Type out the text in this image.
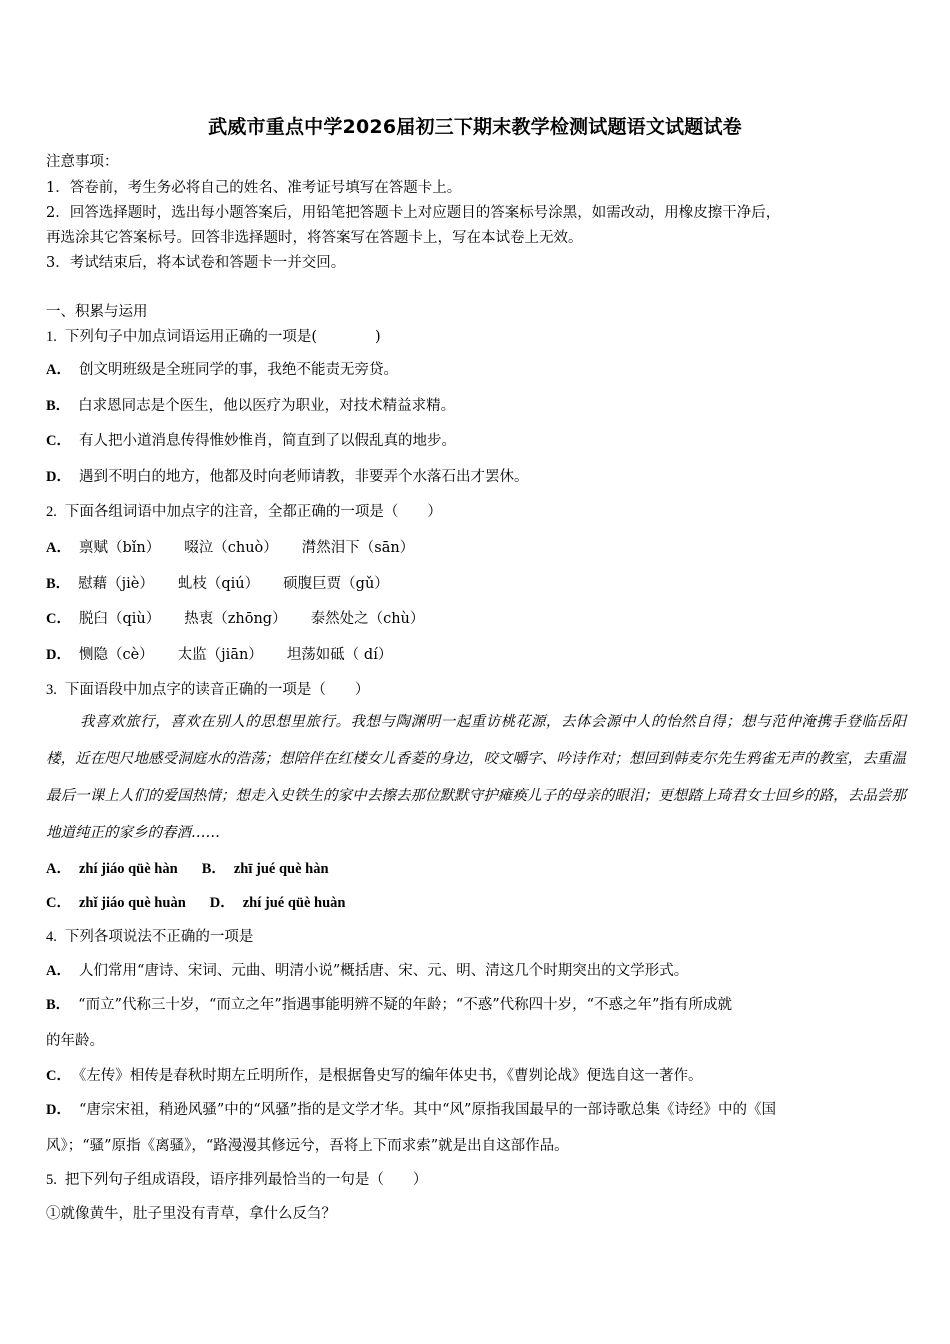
武威市重点中学2026届初三下期末教学检测试题语文试题试卷
注意事项：
1．答卷前，考生务必将自己的姓名、准考证号填写在答题卡上。
2．回答选择题时，选出每小题答案后，用铅笔把答题卡上对应题目的答案标号涂黑，如需改动，用橡皮擦干净后，
再选涂其它答案标号。回答非选择题时，将答案写在答题卡上，写在本试卷上无效。
3．考试结束后，将本试卷和答题卡一并交回。
一、积累与运用
1. 下列句子中加点词语运用正确的一项是(　　　　)
A． 创文明班级是全班同学的事，我绝不能责无旁贷。
B． 白求恩同志是个医生，他以医疗为职业，对技术精益求精。
C． 有人把小道消息传得惟妙惟肖，简直到了以假乱真的地步。
D． 遇到不明白的地方，他都及时向老师请教，非要弄个水落石出才罢休。
2. 下面各组词语中加点字的注音，全都正确的一项是（　　）
A． 禀赋（bǐn） 啜泣（chuò） 潸然泪下（sān）
B． 慰藉（jiè） 虬枝（qiú） 硕腹巨贾（gǔ）
C． 脱臼（qiù） 热衷（zhōng） 泰然处之（chù）
D． 恻隐（cè） 太监（jiān） 坦荡如砥（ dí）
3. 下面语段中加点字的读音正确的一项是（　　）
我喜欢旅行，喜欢在别人的思想里旅行。我想与陶渊明一起重访桃花源，去体会源中人的怡然自得；想与范仲淹携手登临岳阳楼，近在咫尺地感受洞庭水的浩荡；想陪伴在红楼女儿香菱的身边，咬文嚼字、吟诗作对；想回到韩麦尔先生鸦雀无声的教室，去重温最后一课上人们的爱国热情；想走入史铁生的家中去擦去那位默默守护瘫痪儿子的母亲的眼泪；更想踏上琦君女士回乡的路，去品尝那地道纯正的家乡的春酒……
A． zhí jiáo qüè hàn B． zhī jué què hàn
C． zhǐ jiáo què huàn D． zhí jué qüè huàn
4. 下列各项说法不正确的一项是
A． 人们常用“唐诗、宋词、元曲、明清小说”概括唐、宋、元、明、清这几个时期突出的文学形式。
B． “而立”代称三十岁，“而立之年”指遇事能明辨不疑的年龄；“不惑”代称四十岁，“不惑之年”指有所成就
的年龄。
C． 《左传》相传是春秋时期左丘明所作，是根据鲁史写的编年体史书，《曹刿论战》便选自这一著作。
D． “唐宗宋祖，稍逊风骚”中的“风骚”指的是文学才华。其中“风”原指我国最早的一部诗歌总集《诗经》中的《国
风》；“骚”原指《离骚》，“路漫漫其修远兮，吾将上下而求索”就是出自这部作品。
5. 把下列句子组成语段，语序排列最恰当的一句是（　　）
①就像黄牛，肚子里没有青草，拿什么反刍？
